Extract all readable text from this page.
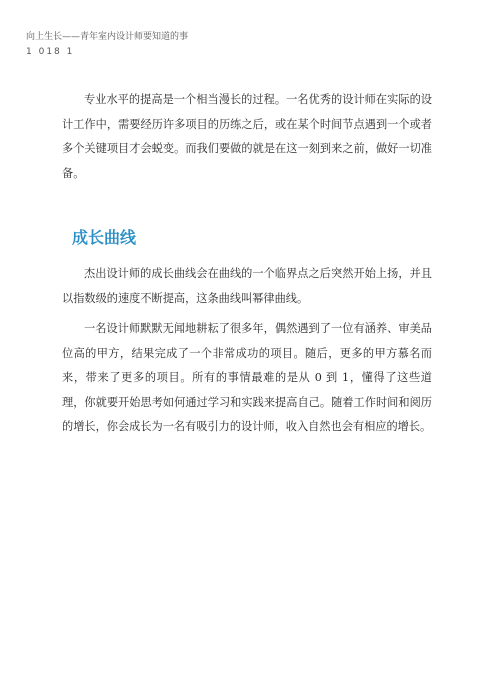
向上生长——青年室内设计师要知道的事
1 018 1

专业水平的提高是一个相当漫长的过程。一名优秀的设计师在实际的设计工作中，需要经历许多项目的历练之后，或在某个时间节点遇到一个或者多个关键项目才会蜕变。而我们要做的就是在这一刻到来之前，做好一切准备。

成长曲线

杰出设计师的成长曲线会在曲线的一个临界点之后突然开始上扬，并且以指数级的速度不断提高，这条曲线叫幂律曲线。

一名设计师默默无闻地耕耘了很多年，偶然遇到了一位有涵养、审美品位高的甲方，结果完成了一个非常成功的项目。随后，更多的甲方慕名而来，带来了更多的项目。所有的事情最难的是从 0 到 1，懂得了这些道理，你就要开始思考如何通过学习和实践来提高自己。随着工作时间和阅历的增长，你会成长为一名有吸引力的设计师，收入自然也会有相应的增长。
